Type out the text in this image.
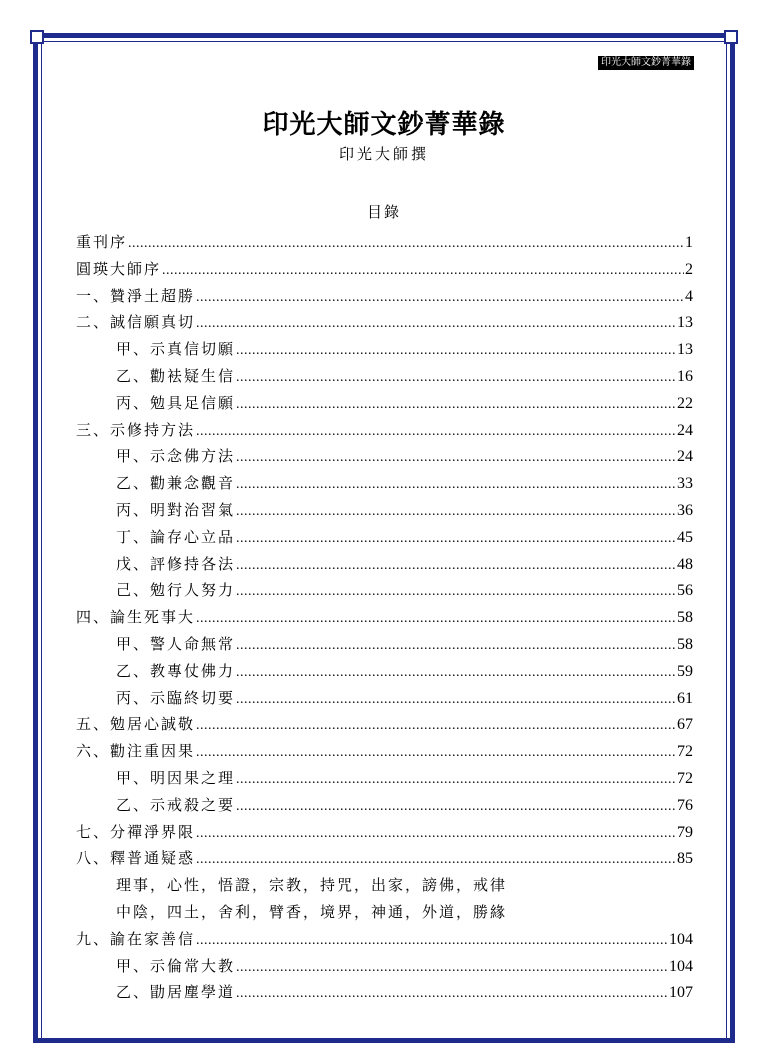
印光大師文鈔菁華錄
印光大師文鈔菁華錄
印光大師撰
目錄
重刊序 .....	1
圓瑛大師序 .....	2
一、贊淨土超勝 .....	4
二、誠信願真切 .....	13
甲、示真信切願 .....	13
乙、勸袪疑生信 .....	16
丙、勉具足信願 .....	22
三、示修持方法 .....	24
甲、示念佛方法 .....	24
乙、勸兼念觀音 .....	33
丙、明對治習氣 .....	36
丁、論存心立品 .....	45
戊、評修持各法 .....	48
己、勉行人努力 .....	56
四、論生死事大 .....	58
甲、警人命無常 .....	58
乙、教專仗佛力 .....	59
丙、示臨終切要 .....	61
五、勉居心誠敬 .....	67
六、勸注重因果 .....	72
甲、明因果之理 .....	72
乙、示戒殺之要 .....	76
七、分禪淨界限 .....	79
八、釋普通疑惑 .....	85
理事，心性，悟證，宗教，持咒，出家，謗佛，戒律
中陰，四土，舍利，臂香，境界，神通，外道，勝緣
九、諭在家善信 .....	104
甲、示倫常大教 .....	104
乙、勖居塵學道 .....	107
